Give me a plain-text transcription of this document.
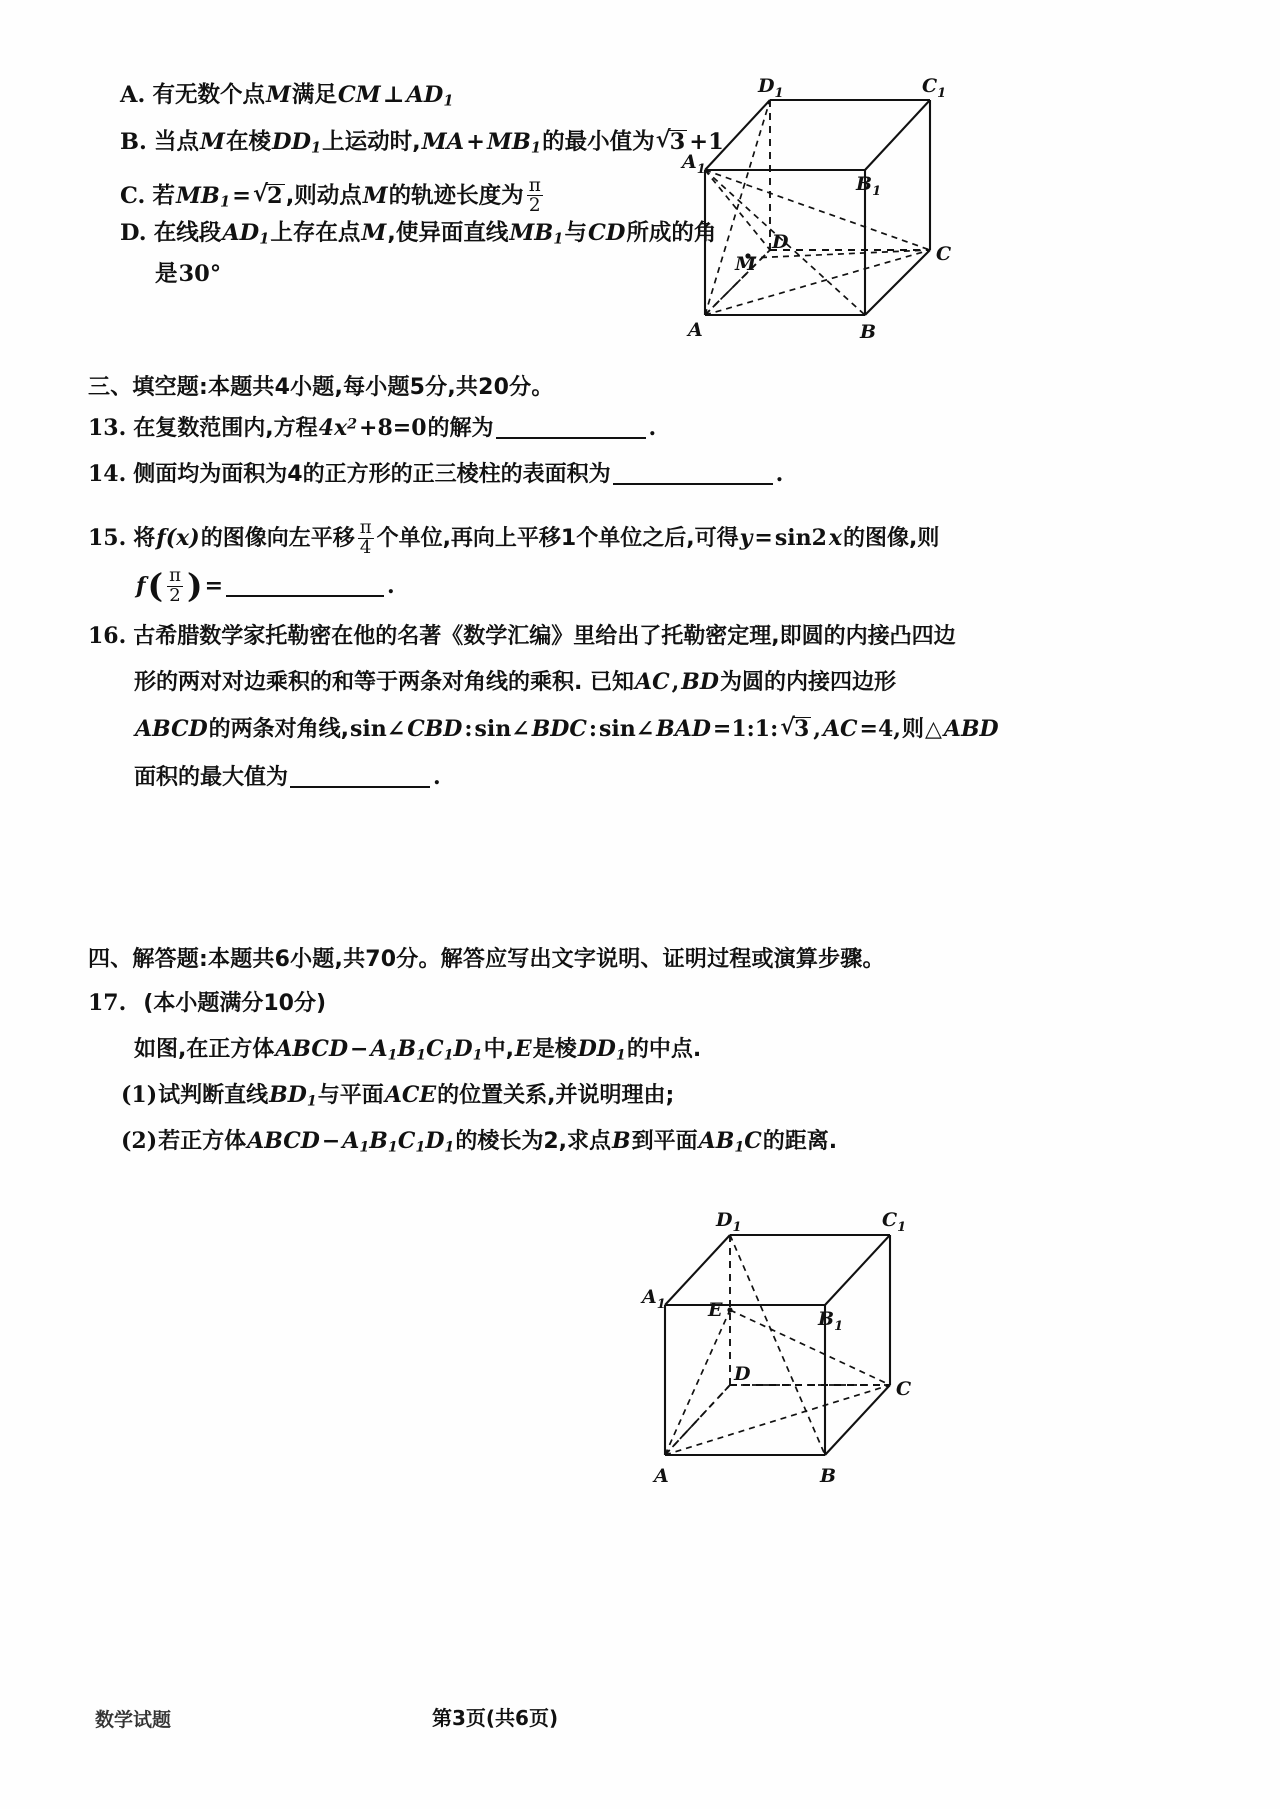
A. 有无数个点M满足$CM\perp AD_1$
B. 当点M在棱$DD_1$上运动时$,MA+MB_1$的最小值为 √ 3 +1
C. 若$MB_1=$ √ 2 ,则动点M的轨迹长度为 $\frac{\pi}{2}$
D. 在线段$AD_1$上存在点M,使异面直线$MB_1$与CD所成的角
是30°
$D_1$	$C_1$
$A_1$
$B_1$
D
C
M
A	B
三、填空题:本题共4小题,每小题5分,共20分。
13. 在复数范围内,方程$4x^2+8=0$的解为	.
14. 侧面均为面积为4的正方形的正三棱柱的表面积为	.
15. 将f(x)的图像向左平移 $\frac{\pi}{4}$ 个单位,再向上平移1个单位之后,可得y=sin2x的图像,则
$f( \frac{\pi}{2}$ )=	.
16. 古希腊数学家托勒密在他的名著《数学汇编》里给出了托勒密定理,即圆的内接凸四边
形的两对对边乘积的和等于两条对角线的乘积. 已知AC,BD为圆的内接四边形
ABCD的两条对角线,sin∠CBD:sin∠BDC:sin∠BAD=1:1: √ 3 ,AC=4,则△ABD
面积的最大值为	.
四、解答题:本题共6小题,共70分。解答应写出文字说明、证明过程或演算步骤。
17. (本小题满分10分)
如图,在正方体$ABCD-A_1B_1C_1D_1$中,E是棱$DD_1$的中点.
(1)试判断直线$BD_1$与平面ACE的位置关系,并说明理由;
(2)若正方体$ABCD-A_1B_1C_1D_1$的棱长为2,求点B到平面$AB_1C$的距离.
$D_1$	$C_1$
$A_1$
$B_1$
E
D
C
A	B
数学试题	第3页(共6页)
